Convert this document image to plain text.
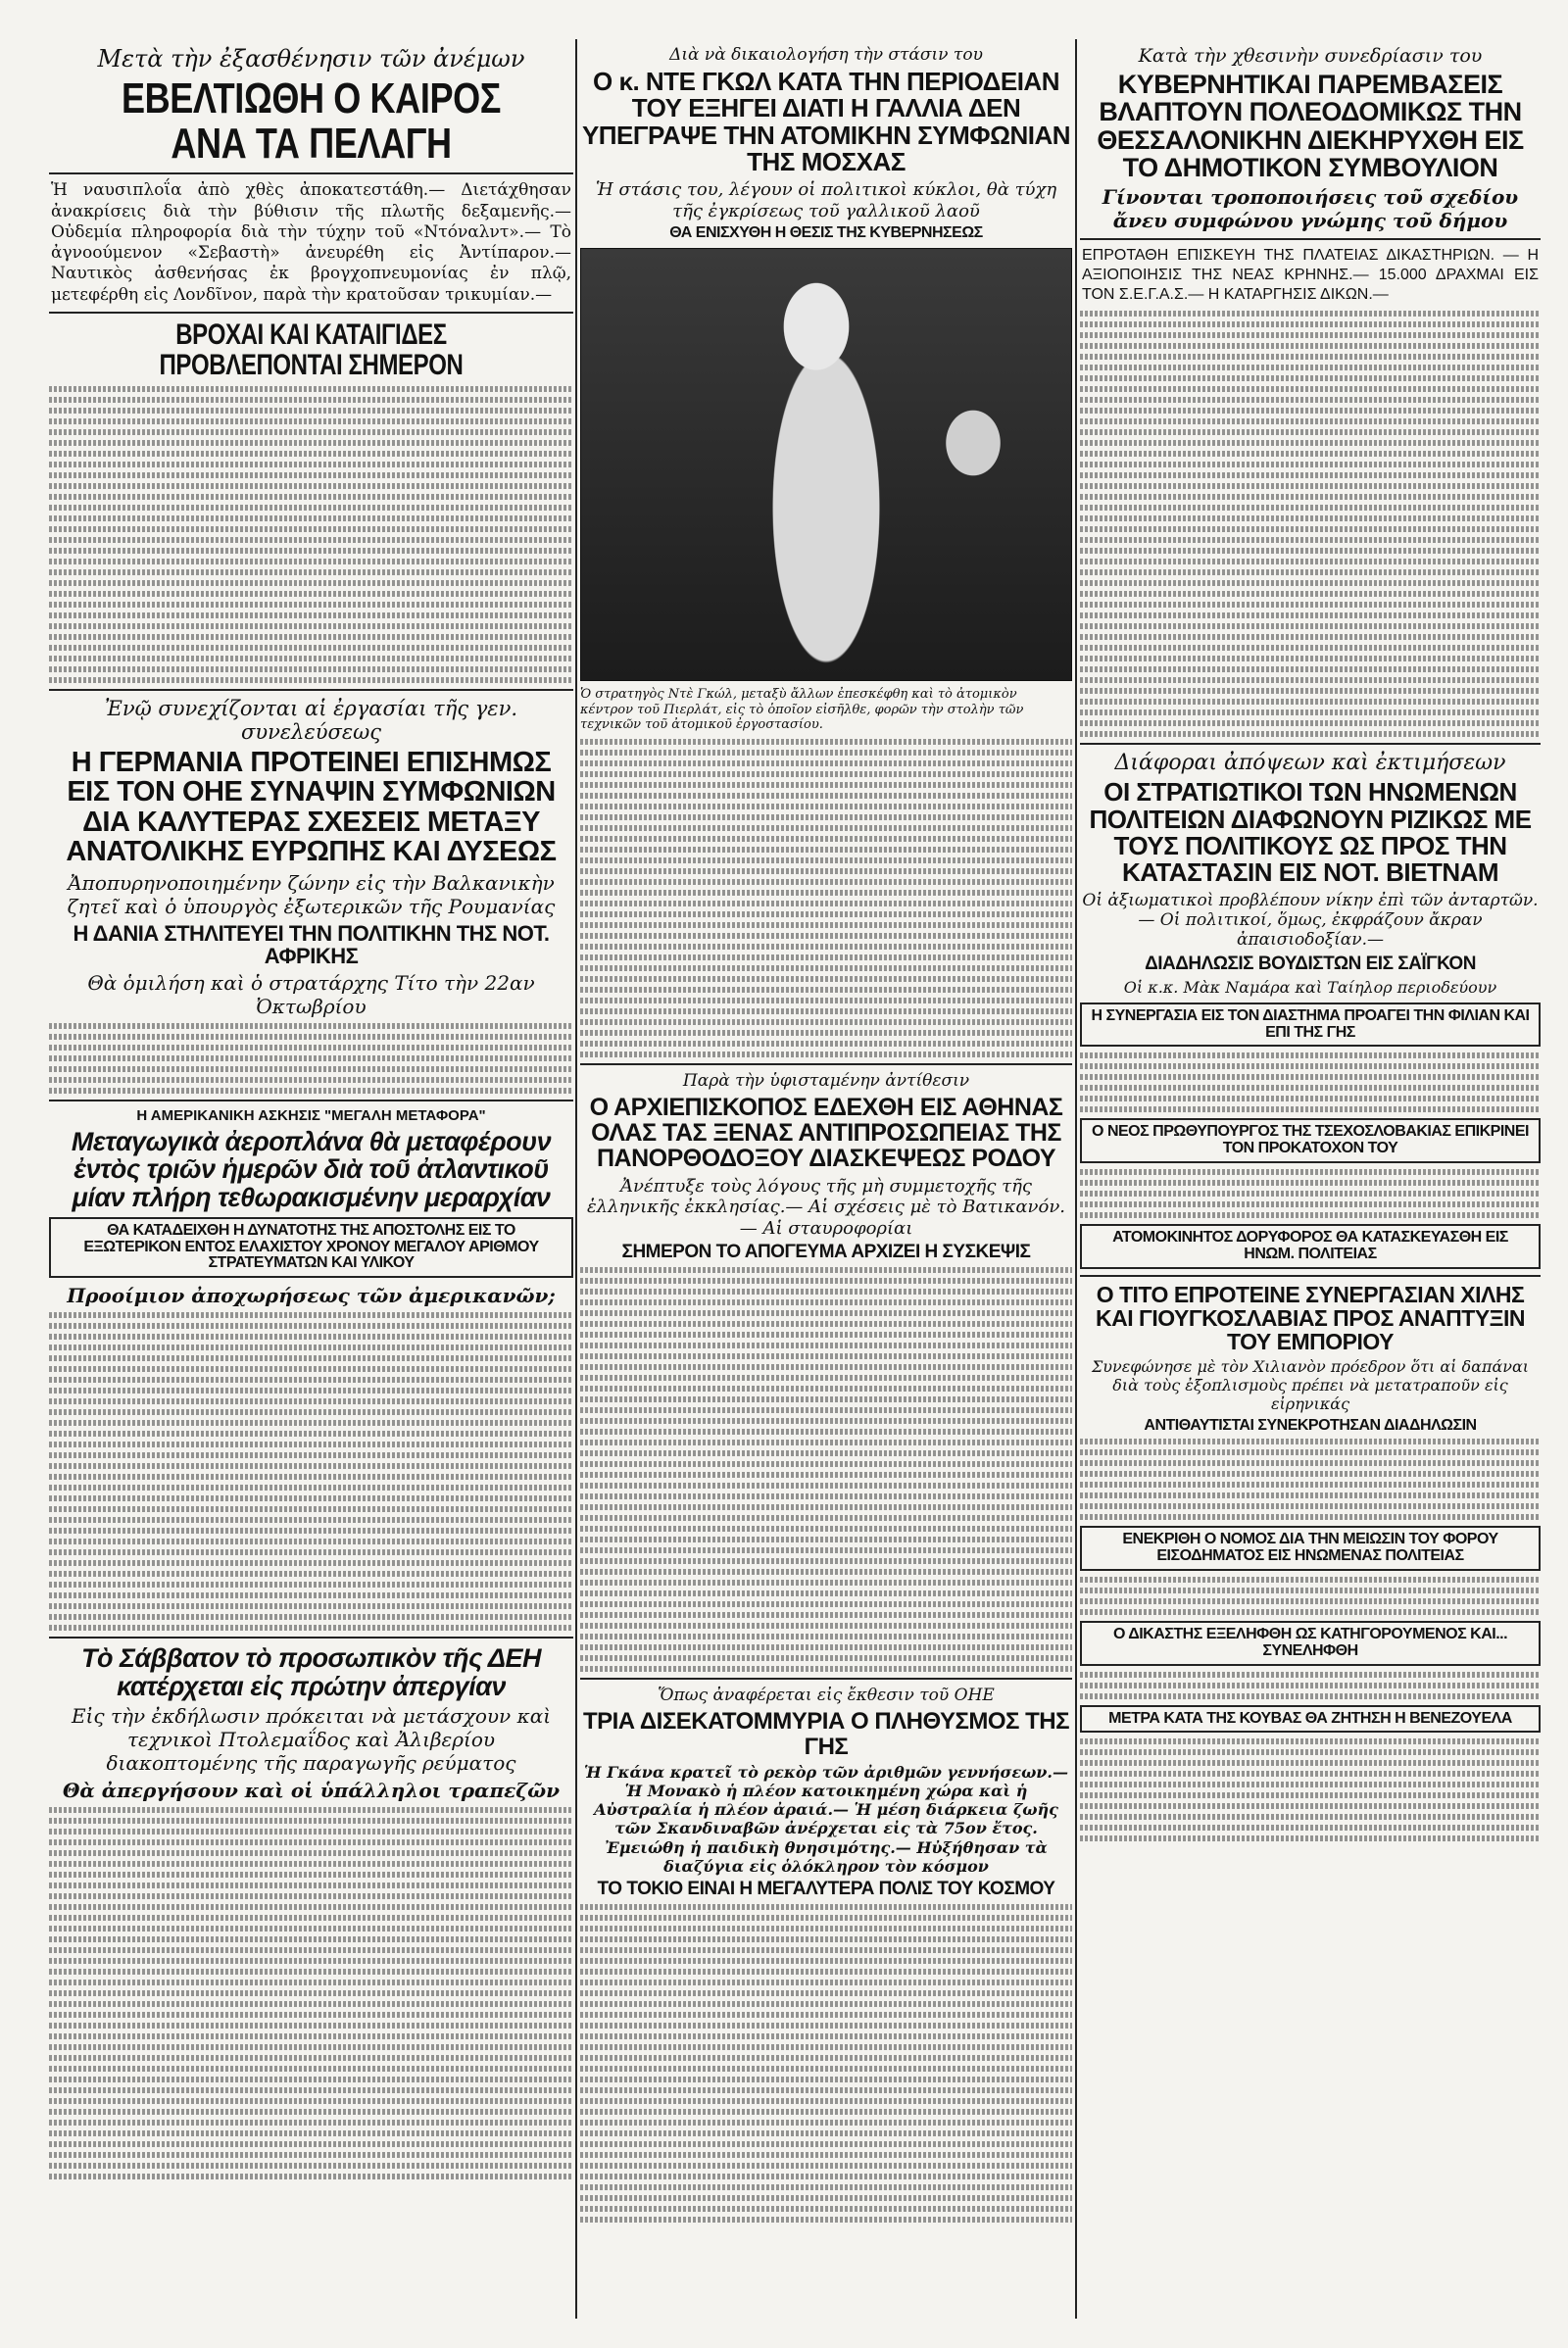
Μετὰ τὴν ἐξασθένησιν τῶν ἀνέμων
ΕΒΕΛΤΙΩΘΗ Ο ΚΑΙΡΟΣ ΑΝΑ ΤΑ ΠΕΛΑΓΗ
Ἡ ναυσιπλοΐα ἀπὸ χθὲς ἀποκατεστάθη.— Διετάχθησαν ἀνακρίσεις διὰ τὴν βύθισιν τῆς πλωτῆς δεξαμενῆς.— Οὐδεμία πληροφορία διὰ τὴν τύχην τοῦ «Ντόναλντ».— Τὸ ἀγνοούμενον «Σεβαστὴ» ἀνευρέθη εἰς Ἀντίπαρον.— Ναυτικὸς ἀσθενήσας ἐκ βρογχοπνευμονίας ἐν πλῷ, μετεφέρθη εἰς Λονδῖνον, παρὰ τὴν κρατοῦσαν τρικυμίαν.—
ΒΡΟΧΑΙ ΚΑΙ ΚΑΤΑΙΓΙΔΕΣ ΠΡΟΒΛΕΠΟΝΤΑΙ ΣΗΜΕΡΟΝ
Ἐνῷ συνεχίζονται αἱ ἐργασίαι τῆς γεν. συνελεύσεως
Η ΓΕΡΜΑΝΙΑ ΠΡΟΤΕΙΝΕΙ ΕΠΙΣΗΜΩΣ ΕΙΣ ΤΟΝ ΟΗΕ ΣΥΝΑΨΙΝ ΣΥΜΦΩΝΙΩΝ ΔΙΑ ΚΑΛΥΤΕΡΑΣ ΣΧΕΣΕΙΣ ΜΕΤΑΞΥ ΑΝΑΤΟΛΙΚΗΣ ΕΥΡΩΠΗΣ ΚΑΙ ΔΥΣΕΩΣ
Ἀποπυρηνοποιημένην ζώνην εἰς τὴν Βαλκανικὴν ζητεῖ καὶ ὁ ὑπουργὸς ἐξωτερικῶν τῆς Ρουμανίας
Η ΔΑΝΙΑ ΣΤΗΛΙΤΕΥΕΙ ΤΗΝ ΠΟΛΙΤΙΚΗΝ ΤΗΣ ΝΟΤ. ΑΦΡΙΚΗΣ
Θὰ ὁμιλήση καὶ ὁ στρατάρχης Τίτο τὴν 22αν Ὀκτωβρίου
Η ΑΜΕΡΙΚΑΝΙΚΗ ΑΣΚΗΣΙΣ "ΜΕΓΑΛΗ ΜΕΤΑΦΟΡΑ"
Μεταγωγικὰ ἀεροπλάνα θὰ μεταφέρουν ἐντὸς τριῶν ἡμερῶν διὰ τοῦ ἀτλαντικοῦ μίαν πλήρη τεθωρακισμένην μεραρχίαν
ΘΑ ΚΑΤΑΔΕΙΧΘΗ Η ΔΥΝΑΤΟΤΗΣ ΤΗΣ ΑΠΟΣΤΟΛΗΣ ΕΙΣ ΤΟ ΕΞΩΤΕΡΙΚΟΝ ΕΝΤΟΣ ΕΛΑΧΙΣΤΟΥ ΧΡΟΝΟΥ ΜΕΓΑΛΟΥ ΑΡΙΘΜΟΥ ΣΤΡΑΤΕΥΜΑΤΩΝ ΚΑΙ ΥΛΙΚΟΥ
Προοίμιον ἀποχωρήσεως τῶν ἀμερικανῶν;
Τὸ Σάββατον τὸ προσωπικὸν τῆς ΔΕΗ κατέρχεται εἰς πρώτην ἀπεργίαν
Εἰς τὴν ἐκδήλωσιν πρόκειται νὰ μετάσχουν καὶ τεχνικοὶ Πτολεμαΐδος καὶ Ἀλιβερίου διακοπτομένης τῆς παραγωγῆς ρεύματος
Θὰ ἀπεργήσουν καὶ οἱ ὑπάλληλοι τραπεζῶν
Διὰ νὰ δικαιολογήση τὴν στάσιν του
Ο κ. ΝΤΕ ΓΚΩΛ ΚΑΤΑ ΤΗΝ ΠΕΡΙΟΔΕΙΑΝ ΤΟΥ ΕΞΗΓΕΙ ΔΙΑΤΙ Η ΓΑΛΛΙΑ ΔΕΝ ΥΠΕΓΡΑΨΕ ΤΗΝ ΑΤΟΜΙΚΗΝ ΣΥΜΦΩΝΙΑΝ ΤΗΣ ΜΟΣΧΑΣ
Ἡ στάσις του, λέγουν οἱ πολιτικοὶ κύκλοι, θὰ τύχη τῆς ἐγκρίσεως τοῦ γαλλικοῦ λαοῦ
ΘΑ ΕΝΙΣΧΥΘΗ Η ΘΕΣΙΣ ΤΗΣ ΚΥΒΕΡΝΗΣΕΩΣ
Ὁ στρατηγὸς Ντὲ Γκώλ, μεταξὺ ἄλλων ἐπεσκέφθη καὶ τὸ ἀτομικὸν κέντρον τοῦ Πιερλάτ, εἰς τὸ ὁποῖον εἰσῆλθε, φορῶν τὴν στολὴν τῶν τεχνικῶν τοῦ ἀτομικοῦ ἐργοστασίου.
Παρὰ τὴν ὑφισταμένην ἀντίθεσιν
Ο ΑΡΧΙΕΠΙΣΚΟΠΟΣ ΕΔΕΧΘΗ ΕΙΣ ΑΘΗΝΑΣ ΟΛΑΣ ΤΑΣ ΞΕΝΑΣ ΑΝΤΙΠΡΟΣΩΠΕΙΑΣ ΤΗΣ ΠΑΝΟΡΘΟΔΟΞΟΥ ΔΙΑΣΚΕΨΕΩΣ ΡΟΔΟΥ
Ἀνέπτυξε τοὺς λόγους τῆς μὴ συμμετοχῆς τῆς ἑλληνικῆς ἐκκλησίας.— Αἱ σχέσεις μὲ τὸ Βατικανόν.— Αἱ σταυροφορίαι
ΣΗΜΕΡΟΝ ΤΟ ΑΠΟΓΕΥΜΑ ΑΡΧΙΖΕΙ Η ΣΥΣΚΕΨΙΣ
Ὅπως ἀναφέρεται εἰς ἔκθεσιν τοῦ ΟΗΕ
ΤΡΙΑ ΔΙΣΕΚΑΤΟΜΜΥΡΙΑ Ο ΠΛΗΘΥΣΜΟΣ ΤΗΣ ΓΗΣ
Ἡ Γκάνα κρατεῖ τὸ ρεκὸρ τῶν ἀριθμῶν γεννήσεων.— Ἡ Μονακὸ ἡ πλέον κατοικημένη χώρα καὶ ἡ Αὐστραλία ἡ πλέον ἀραιά.— Ἡ μέση διάρκεια ζωῆς τῶν Σκανδιναβῶν ἀνέρχεται εἰς τὰ 75ον ἔτος. Ἐμειώθη ἡ παιδικὴ θνησιμότης.— Ηὐξήθησαν τὰ διαζύγια εἰς ὁλόκληρον τὸν κόσμον
ΤΟ ΤΟΚΙΟ ΕΙΝΑΙ Η ΜΕΓΑΛΥΤΕΡΑ ΠΟΛΙΣ ΤΟΥ ΚΟΣΜΟΥ
Κατὰ τὴν χθεσινὴν συνεδρίασιν του
ΚΥΒΕΡΝΗΤΙΚΑΙ ΠΑΡΕΜΒΑΣΕΙΣ ΒΛΑΠΤΟΥΝ ΠΟΛΕΟΔΟΜΙΚΩΣ ΤΗΝ ΘΕΣΣΑΛΟΝΙΚΗΝ ΔΙΕΚΗΡΥΧΘΗ ΕΙΣ ΤΟ ΔΗΜΟΤΙΚΟΝ ΣΥΜΒΟΥΛΙΟΝ
Γίνονται τροποποιήσεις τοῦ σχεδίου ἄνευ συμφώνου γνώμης τοῦ δήμου
ΕΠΡΟΤΑΘΗ ΕΠΙΣΚΕΥΗ ΤΗΣ ΠΛΑΤΕΙΑΣ ΔΙΚΑΣΤΗΡΙΩΝ. — Η ΑΞΙΟΠΟΙΗΣΙΣ ΤΗΣ ΝΕΑΣ ΚΡΗΝΗΣ.— 15.000 ΔΡΑΧΜΑΙ ΕΙΣ ΤΟΝ Σ.Ε.Γ.Α.Σ.— Η ΚΑΤΑΡΓΗΣΙΣ ΔΙΚΩΝ.—
Διάφοραι ἀπόψεων καὶ ἐκτιμήσεων
ΟΙ ΣΤΡΑΤΙΩΤΙΚΟΙ ΤΩΝ ΗΝΩΜΕΝΩΝ ΠΟΛΙΤΕΙΩΝ ΔΙΑΦΩΝΟΥΝ ΡΙΖΙΚΩΣ ΜΕ ΤΟΥΣ ΠΟΛΙΤΙΚΟΥΣ ΩΣ ΠΡΟΣ ΤΗΝ ΚΑΤΑΣΤΑΣΙΝ ΕΙΣ ΝΟΤ. ΒΙΕΤΝΑΜ
Οἱ ἀξιωματικοὶ προβλέπουν νίκην ἐπὶ τῶν ἀνταρτῶν.— Οἱ πολιτικοί, ὅμως, ἐκφράζουν ἄκραν ἀπαισιοδοξίαν.—
ΔΙΑΔΗΛΩΣΙΣ ΒΟΥΔΙΣΤΩΝ ΕΙΣ ΣΑΪΓΚΟΝ
Οἱ κ.κ. Μὰκ Ναμάρα καὶ Ταίηλορ περιοδεύουν
Η ΣΥΝΕΡΓΑΣΙΑ ΕΙΣ ΤΟΝ ΔΙΑΣΤΗΜΑ ΠΡΟΑΓΕΙ ΤΗΝ ΦΙΛΙΑΝ ΚΑΙ ΕΠΙ ΤΗΣ ΓΗΣ
Ο ΝΕΟΣ ΠΡΩΘΥΠΟΥΡΓΟΣ ΤΗΣ ΤΣΕΧΟΣΛΟΒΑΚΙΑΣ ΕΠΙΚΡΙΝΕΙ ΤΟΝ ΠΡΟΚΑΤΟΧΟΝ ΤΟΥ
ΑΤΟΜΟΚΙΝΗΤΟΣ ΔΟΡΥΦΟΡΟΣ ΘΑ ΚΑΤΑΣΚΕΥΑΣΘΗ ΕΙΣ ΗΝΩΜ. ΠΟΛΙΤΕΙΑΣ
Ο ΤΙΤΟ ΕΠΡΟΤΕΙΝΕ ΣΥΝΕΡΓΑΣΙΑΝ ΧΙΛΗΣ ΚΑΙ ΓΙΟΥΓΚΟΣΛΑΒΙΑΣ ΠΡΟΣ ΑΝΑΠΤΥΞΙΝ ΤΟΥ ΕΜΠΟΡΙΟΥ
Συνεφώνησε μὲ τὸν Χιλιανὸν πρόεδρον ὅτι αἱ δαπάναι διὰ τοὺς ἐξοπλισμοὺς πρέπει νὰ μετατραποῦν εἰς εἰρηνικάς
ΑΝΤΙΘΑΥΤΙΣΤΑΙ ΣΥΝΕΚΡΟΤΗΣΑΝ ΔΙΑΔΗΛΩΣΙΝ
ΕΝΕΚΡΙΘΗ Ο ΝΟΜΟΣ ΔΙΑ ΤΗΝ ΜΕΙΩΣΙΝ ΤΟΥ ΦΟΡΟΥ ΕΙΣΟΔΗΜΑΤΟΣ ΕΙΣ ΗΝΩΜΕΝΑΣ ΠΟΛΙΤΕΙΑΣ
Ο ΔΙΚΑΣΤΗΣ ΕΞΕΛΗΦΘΗ ΩΣ ΚΑΤΗΓΟΡΟΥΜΕΝΟΣ ΚΑΙ... ΣΥΝΕΛΗΦΘΗ
ΜΕΤΡΑ ΚΑΤΑ ΤΗΣ ΚΟΥΒΑΣ ΘΑ ΖΗΤΗΣΗ Η ΒΕΝΕΖΟΥΕΛΑ
